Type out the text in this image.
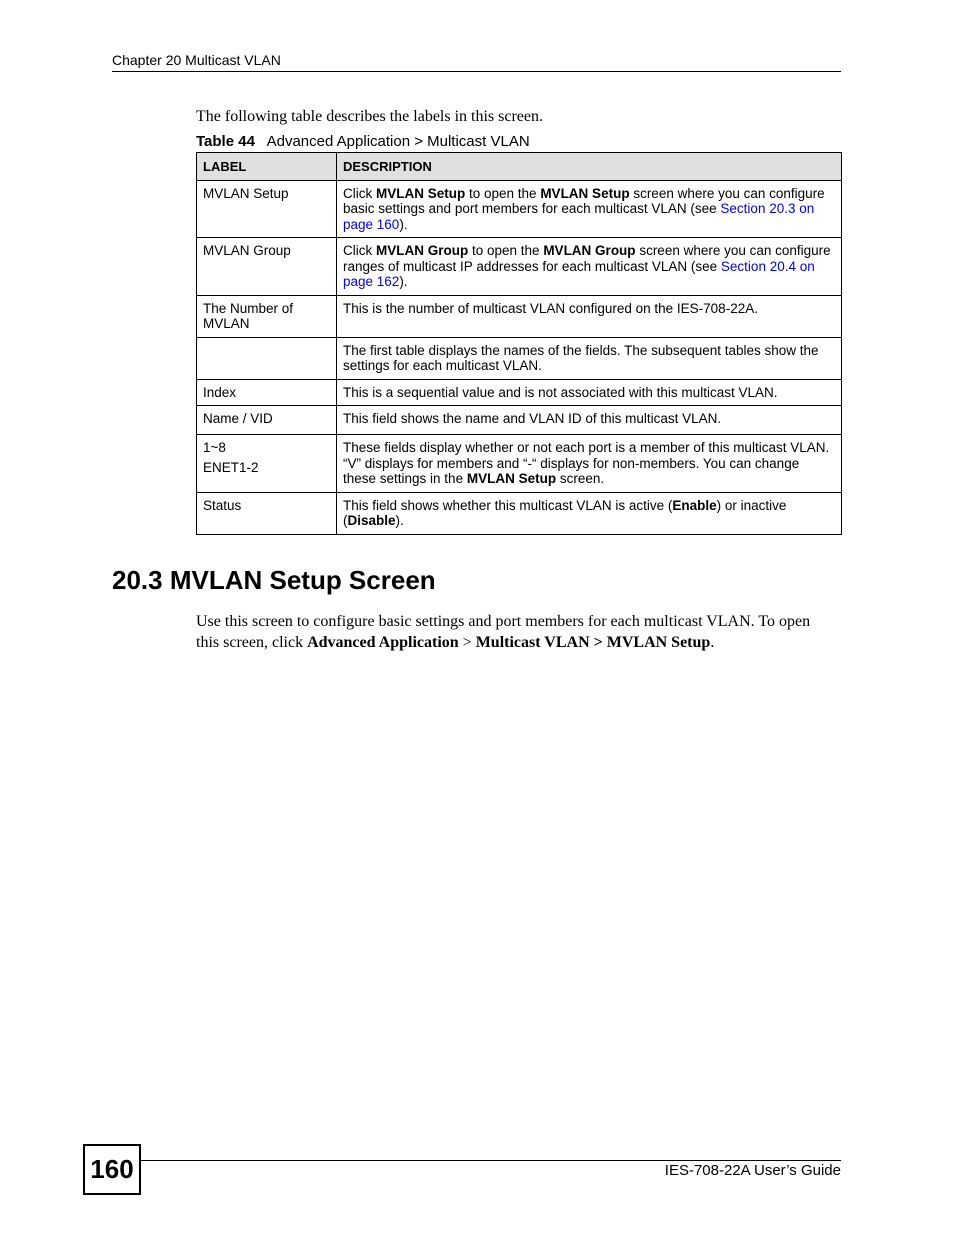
Chapter 20 Multicast VLAN
The following table describes the labels in this screen.
Table 44 Advanced Application > Multicast VLAN
LABEL	DESCRIPTION
MVLAN Setup	Click MVLAN Setup to open the MVLAN Setup screen where you can configure basic settings and port members for each multicast VLAN (see Section 20.3 on page 160).
MVLAN Group	Click MVLAN Group to open the MVLAN Group screen where you can configure ranges of multicast IP addresses for each multicast VLAN (see Section 20.4 on page 162).
The Number of MVLAN	This is the number of multicast VLAN configured on the IES-708-22A.
	The first table displays the names of the fields. The subsequent tables show the settings for each multicast VLAN.
Index	This is a sequential value and is not associated with this multicast VLAN.
Name / VID	This field shows the name and VLAN ID of this multicast VLAN.
1~8
ENET1-2	These fields display whether or not each port is a member of this multicast VLAN. “V” displays for members and “-“ displays for non-members. You can change these settings in the MVLAN Setup screen.
Status	This field shows whether this multicast VLAN is active (Enable) or inactive (Disable).
20.3 MVLAN Setup Screen
Use this screen to configure basic settings and port members for each multicast VLAN. To open this screen, click Advanced Application > Multicast VLAN > MVLAN Setup.
160	IES-708-22A User’s Guide
